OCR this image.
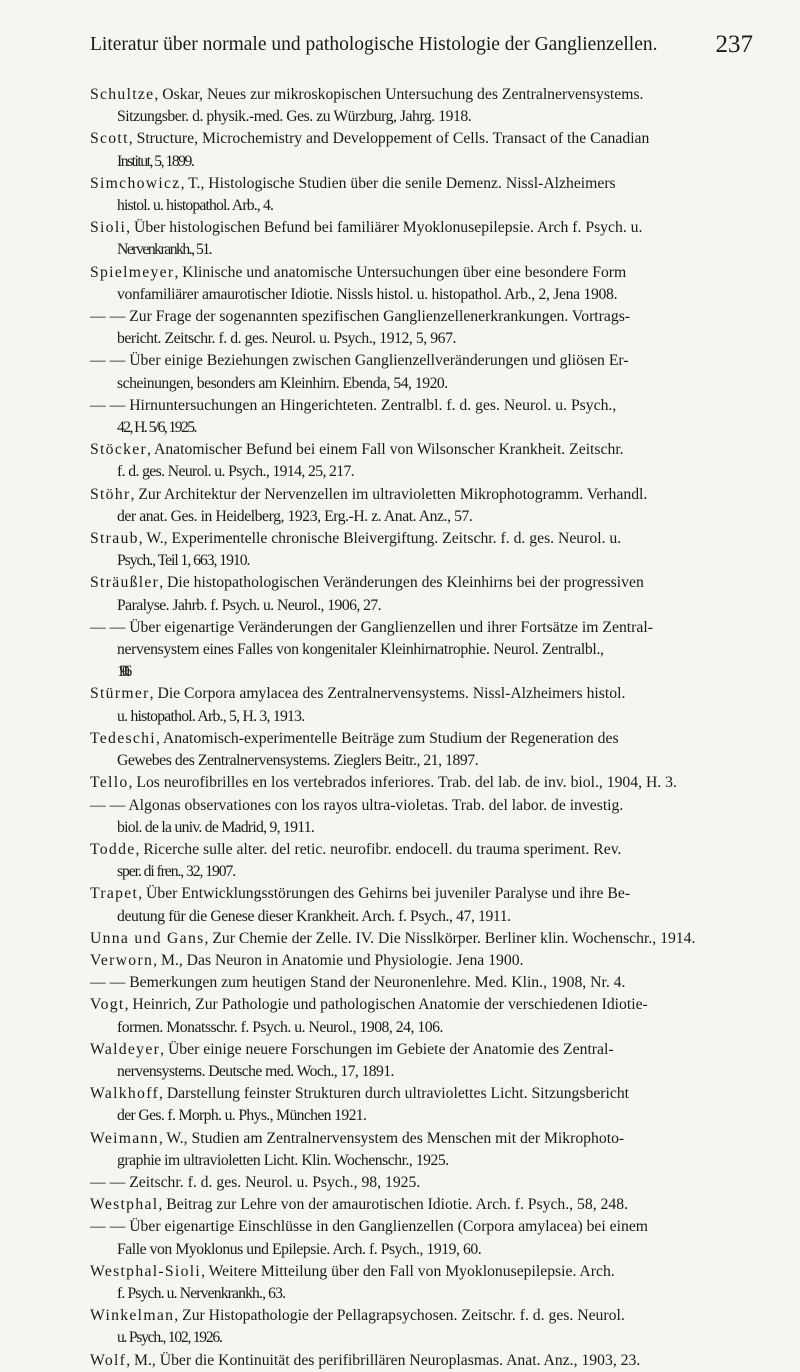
Literatur über normale und pathologische Histologie der Ganglienzellen. 237
Schultze, Oskar, Neues zur mikroskopischen Untersuchung des Zentralnervensystems.
Sitzungsber. d. physik.-med. Ges. zu Würzburg, Jahrg. 1918.
Scott, Structure, Microchemistry and Developpement of Cells. Transact of the Canadian
Institut, 5, 1899.
Simchowicz, T., Histologische Studien über die senile Demenz. Nissl-Alzheimers
histol. u. histopathol. Arb., 4.
Sioli, Über histologischen Befund bei familiärer Myoklonusepilepsie. Arch f. Psych. u.
Nervenkrankh., 51.
Spielmeyer, Klinische und anatomische Untersuchungen über eine besondere Form
vonfamiliärer amaurotischer Idiotie. Nissls histol. u. histopathol. Arb., 2, Jena 1908.
— — Zur Frage der sogenannten spezifischen Ganglienzellenerkrankungen. Vortrags-
bericht. Zeitschr. f. d. ges. Neurol. u. Psych., 1912, 5, 967.
— — Über einige Beziehungen zwischen Ganglienzellveränderungen und gliösen Er-
scheinungen, besonders am Kleinhirn. Ebenda, 54, 1920.
— — Hirnuntersuchungen an Hingerichteten. Zentralbl. f. d. ges. Neurol. u. Psych.,
42, H. 5/6, 1925.
Stöcker, Anatomischer Befund bei einem Fall von Wilsonscher Krankheit. Zeitschr.
f. d. ges. Neurol. u. Psych., 1914, 25, 217.
Stöhr, Zur Architektur der Nervenzellen im ultravioletten Mikrophotogramm. Verhandl.
der anat. Ges. in Heidelberg, 1923, Erg.-H. z. Anat. Anz., 57.
Straub, W., Experimentelle chronische Bleivergiftung. Zeitschr. f. d. ges. Neurol. u.
Psych., Teil 1, 663, 1910.
Sträußler, Die histopathologischen Veränderungen des Kleinhirns bei der progressiven
Paralyse. Jahrb. f. Psych. u. Neurol., 1906, 27.
— — Über eigenartige Veränderungen der Ganglienzellen und ihrer Fortsätze im Zentral-
nervensystem eines Falles von kongenitaler Kleinhirnatrophie. Neurol. Zentralbl.,
1906.
Stürmer, Die Corpora amylacea des Zentralnervensystems. Nissl-Alzheimers histol.
u. histopathol. Arb., 5, H. 3, 1913.
Tedeschi, Anatomisch-experimentelle Beiträge zum Studium der Regeneration des
Gewebes des Zentralnervensystems. Zieglers Beitr., 21, 1897.
Tello, Los neurofibrilles en los vertebrados inferiores. Trab. del lab. de inv. biol., 1904, H. 3.
— — Algonas observationes con los rayos ultra-violetas. Trab. del labor. de investig.
biol. de la univ. de Madrid, 9, 1911.
Todde, Ricerche sulle alter. del retic. neurofibr. endocell. du trauma speriment. Rev.
sper. di fren., 32, 1907.
Trapet, Über Entwicklungsstörungen des Gehirns bei juveniler Paralyse und ihre Be-
deutung für die Genese dieser Krankheit. Arch. f. Psych., 47, 1911.
Unna und Gans, Zur Chemie der Zelle. IV. Die Nisslkörper. Berliner klin. Wochenschr., 1914.
Verworn, M., Das Neuron in Anatomie und Physiologie. Jena 1900.
— — Bemerkungen zum heutigen Stand der Neuronenlehre. Med. Klin., 1908, Nr. 4.
Vogt, Heinrich, Zur Pathologie und pathologischen Anatomie der verschiedenen Idiotie-
formen. Monatsschr. f. Psych. u. Neurol., 1908, 24, 106.
Waldeyer, Über einige neuere Forschungen im Gebiete der Anatomie des Zentral-
nervensystems. Deutsche med. Woch., 17, 1891.
Walkhoff, Darstellung feinster Strukturen durch ultraviolettes Licht. Sitzungsbericht
der Ges. f. Morph. u. Phys., München 1921.
Weimann, W., Studien am Zentralnervensystem des Menschen mit der Mikrophoto-
graphie im ultravioletten Licht. Klin. Wochenschr., 1925.
— — Zeitschr. f. d. ges. Neurol. u. Psych., 98, 1925.
Westphal, Beitrag zur Lehre von der amaurotischen Idiotie. Arch. f. Psych., 58, 248.
— — Über eigenartige Einschlüsse in den Ganglienzellen (Corpora amylacea) bei einem
Falle von Myoklonus und Epilepsie. Arch. f. Psych., 1919, 60.
Westphal-Sioli, Weitere Mitteilung über den Fall von Myoklonusepilepsie. Arch.
f. Psych. u. Nervenkrankh., 63.
Winkelman, Zur Histopathologie der Pellagrapsychosen. Zeitschr. f. d. ges. Neurol.
u. Psych., 102, 1926.
Wolf, M., Über die Kontinuität des perifibrillären Neuroplasmas. Anat. Anz., 1903, 23.
